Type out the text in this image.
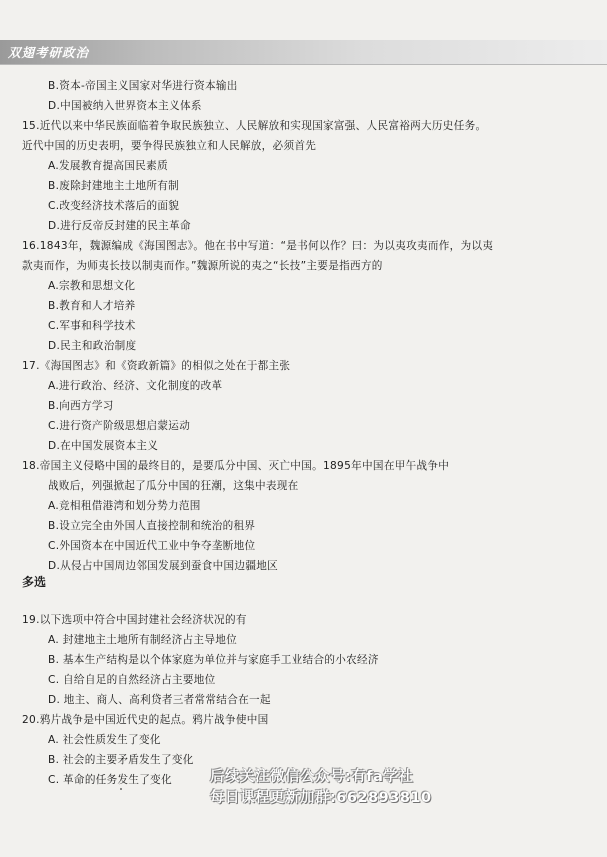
双翅考研政治
B.资本-帝国主义国家对华进行资本输出
D.中国被纳入世界资本主义体系
15.近代以来中华民族面临着争取民族独立、人民解放和实现国家富强、人民富裕两大历史任务。
近代中国的历史表明，要争得民族独立和人民解放，必须首先
A.发展教育提高国民素质
B.废除封建地主土地所有制
C.改变经济技术落后的面貌
D.进行反帝反封建的民主革命
16.1843年，魏源编成《海国图志》。他在书中写道：“是书何以作？曰：为以夷攻夷而作，为以夷
款夷而作，为师夷长技以制夷而作。”魏源所说的夷之“长技”主要是指西方的
A.宗教和思想文化
B.教育和人才培养
C.军事和科学技术
D.民主和政治制度
17.《海国图志》和《资政新篇》的相似之处在于都主张
A.进行政治、经济、文化制度的改革
B.向西方学习
C.进行资产阶级思想启蒙运动
D.在中国发展资本主义
18.帝国主义侵略中国的最终目的，是要瓜分中国、灭亡中国。1895年中国在甲午战争中
战败后，列强掀起了瓜分中国的狂潮，这集中表现在
A.竞相租借港湾和划分势力范围
B.设立完全由外国人直接控制和统治的租界
C.外国资本在中国近代工业中争夺垄断地位
D.从侵占中国周边邻国发展到蚕食中国边疆地区
19.以下选项中符合中国封建社会经济状况的有
A. 封建地主土地所有制经济占主导地位
B. 基本生产结构是以个体家庭为单位并与家庭手工业结合的小农经济
C. 自给自足的自然经济占主要地位
D. 地主、商人、高利贷者三者常常结合在一起
20.鸦片战争是中国近代史的起点。鸦片战争使中国
A. 社会性质发生了变化
B. 社会的主要矛盾发生了变化
C. 革命的任务发生了变化
多选
后续关注微信公众号:有fa学社
每日课程更新加群:662893810
